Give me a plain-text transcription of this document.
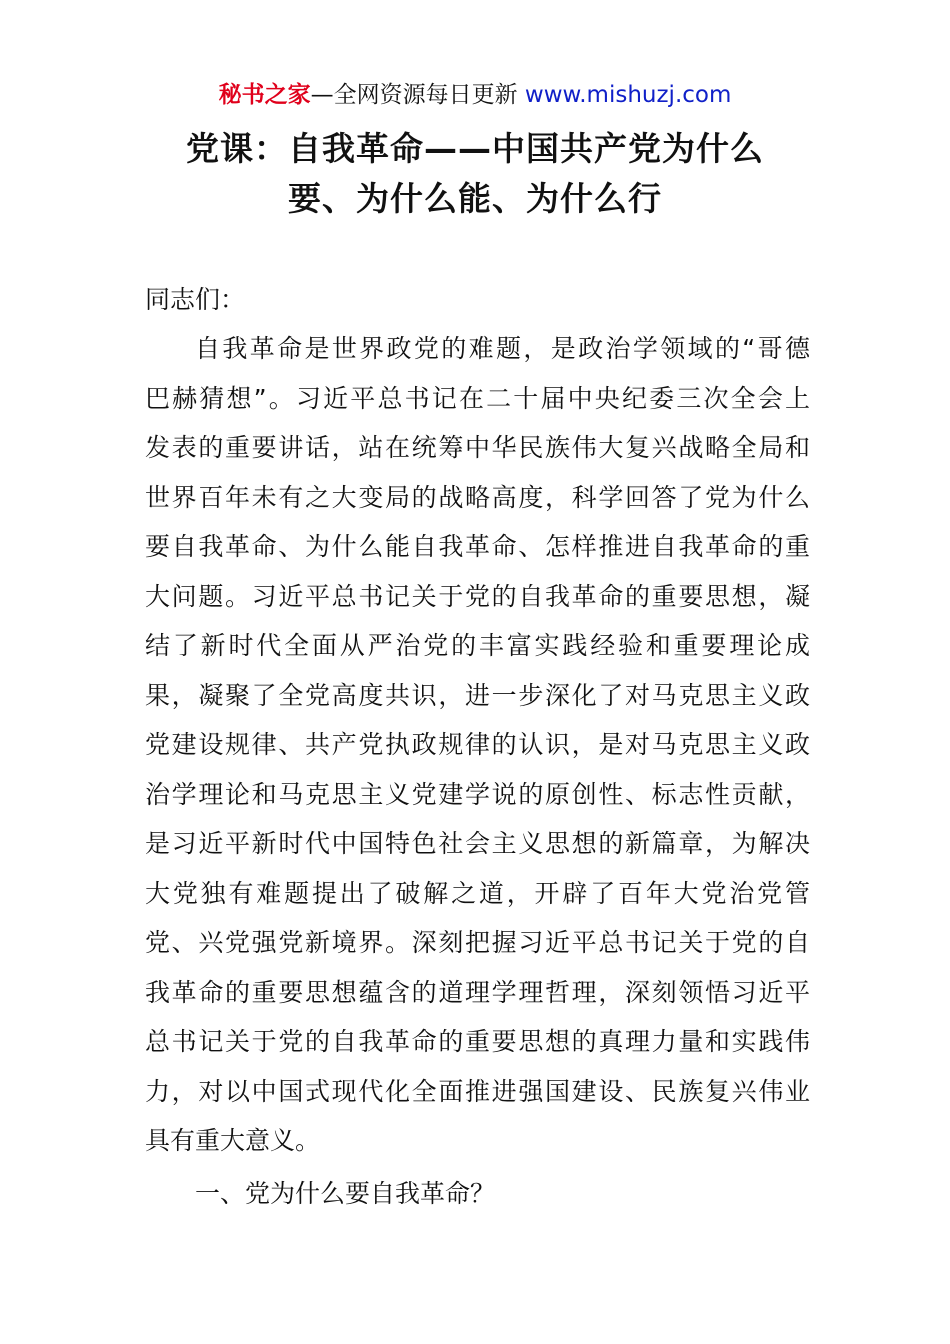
秘书之家—全网资源每日更新 www.mishuzj.com
党课：自我革命——中国共产党为什么
要、为什么能、为什么行
同志们：
自我革命是世界政党的难题，是政治学领域的“哥德
巴赫猜想”。习近平总书记在二十届中央纪委三次全会上
发表的重要讲话，站在统筹中华民族伟大复兴战略全局和
世界百年未有之大变局的战略高度，科学回答了党为什么
要自我革命、为什么能自我革命、怎样推进自我革命的重
大问题。习近平总书记关于党的自我革命的重要思想，凝
结了新时代全面从严治党的丰富实践经验和重要理论成
果，凝聚了全党高度共识，进一步深化了对马克思主义政
党建设规律、共产党执政规律的认识，是对马克思主义政
治学理论和马克思主义党建学说的原创性、标志性贡献，
是习近平新时代中国特色社会主义思想的新篇章，为解决
大党独有难题提出了破解之道，开辟了百年大党治党管
党、兴党强党新境界。深刻把握习近平总书记关于党的自
我革命的重要思想蕴含的道理学理哲理，深刻领悟习近平
总书记关于党的自我革命的重要思想的真理力量和实践伟
力，对以中国式现代化全面推进强国建设、民族复兴伟业
具有重大意义。
一、党为什么要自我革命？
